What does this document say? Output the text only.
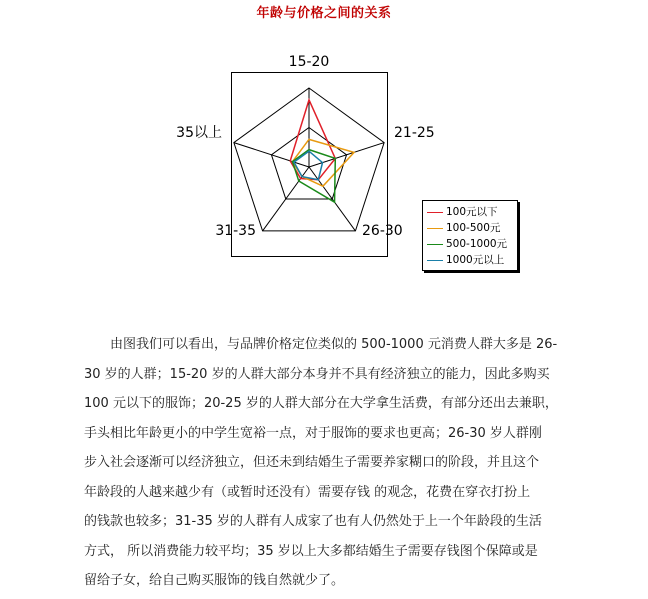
年龄与价格之间的关系
15-20
21-25
26-30
31-35
35以上
100元以下
100-500元
500-1000元
1000元以上
由图我们可以看出，与品牌价格定位类似的 500-1000 元消费人群大多是 26-
30 岁的人群；15-20 岁的人群大部分本身并不具有经济独立的能力，因此多购买
100 元以下的服饰；20-25 岁的人群大部分在大学拿生活费，有部分还出去兼职，
手头相比年龄更小的中学生宽裕一点，对于服饰的要求也更高；26-30 岁人群刚
步入社会逐渐可以经济独立，但还未到结婚生子需要养家糊口的阶段，并且这个
年龄段的人越来越少有（或暂时还没有）需要存钱 的观念，花费在穿衣打扮上
的钱款也较多；31-35 岁的人群有人成家了也有人仍然处于上一个年龄段的生活
方式， 所以消费能力较平均；35 岁以上大多都结婚生子需要存钱图个保障或是
留给子女，给自己购买服饰的钱自然就少了。
